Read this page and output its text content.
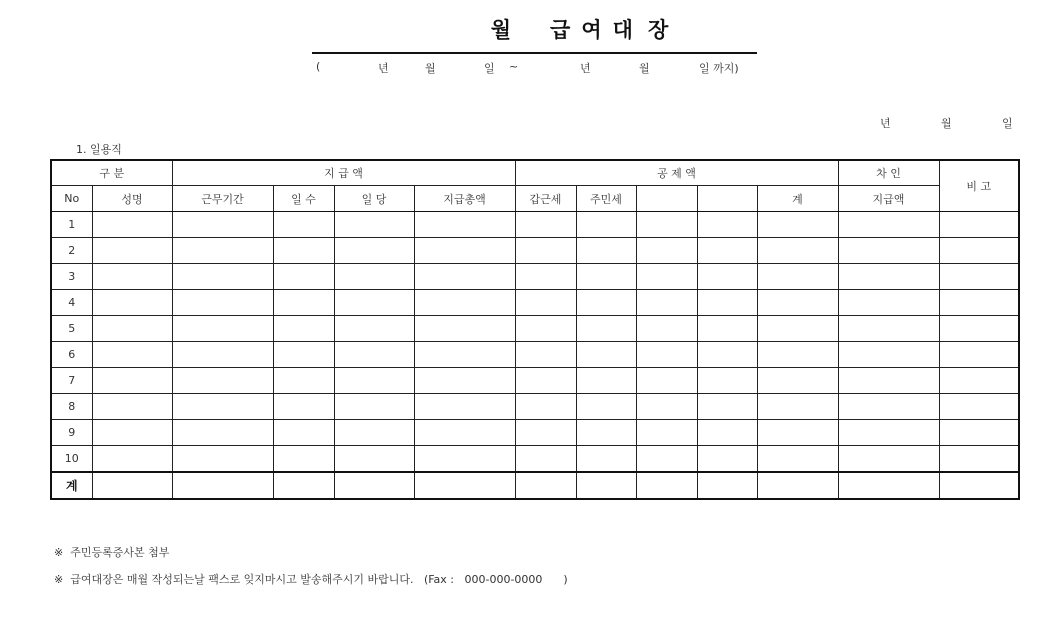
월 급 여 대 장
(	년	월	일 ~	년	월	일 까지)
년	월	일
1. 일용직
구 분		지 급 액				공 제 액					차 인	비 고
No	성명	근무기간	일 수	일 당	지급총액	갑근세	주민세			계	지급액	
1												
2												
3												
4												
5												
6												
7												
8												
9												
10												
계												
※  주민등록증사본 첨부
※  급여대장은 매월 작성되는날 팩스로 잊지마시고 발송해주시기 바랍니다.   (Fax :   000-000-0000      )
